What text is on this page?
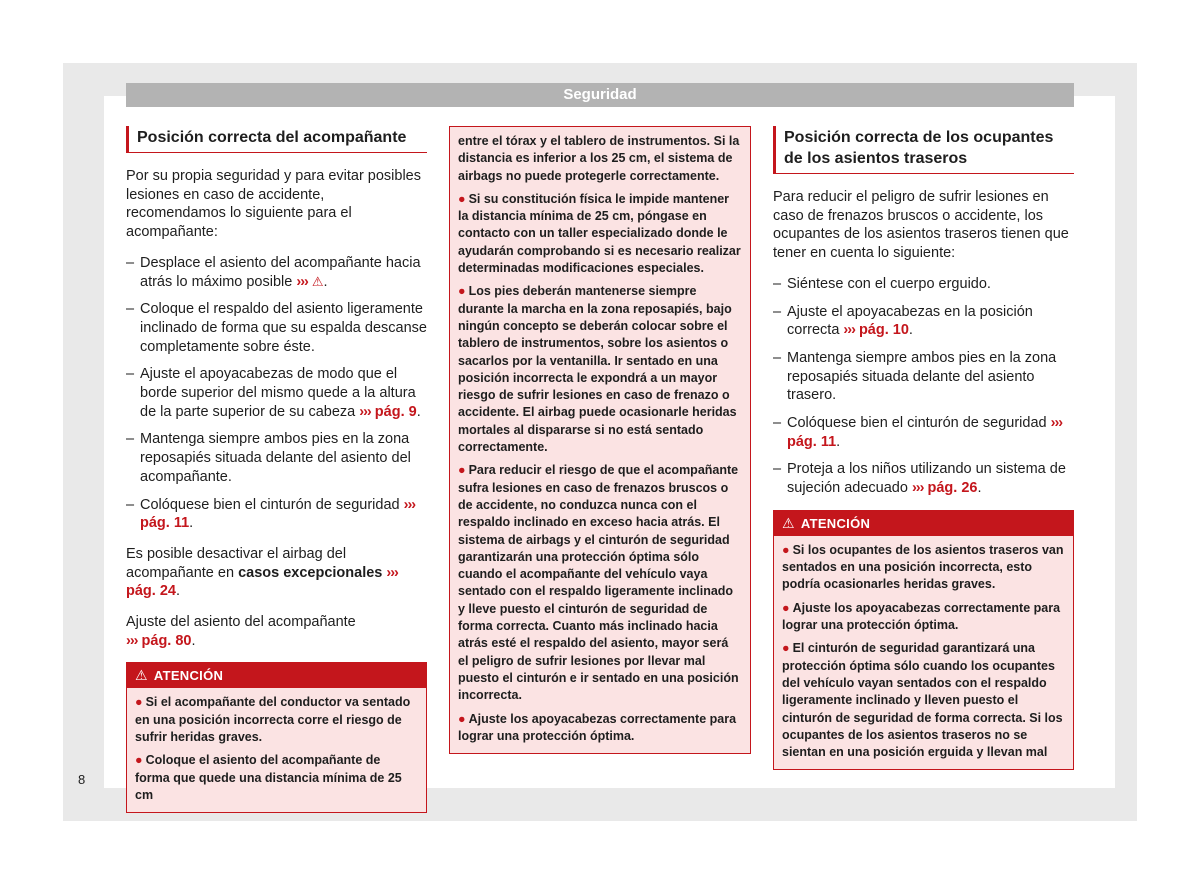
Seguridad
Posición correcta del acompañante

Por su propia seguridad y para evitar posibles lesiones en caso de accidente, recomendamos lo siguiente para el acompañante:

– Desplace el asiento del acompañante hacia atrás lo máximo posible ››› ⚠.
– Coloque el respaldo del asiento ligeramente inclinado de forma que su espalda descanse completamente sobre éste.
– Ajuste el apoyacabezas de modo que el borde superior del mismo quede a la altura de la parte superior de su cabeza ››› pág. 9.
– Mantenga siempre ambos pies en la zona reposapiés situada delante del asiento del acompañante.
– Colóquese bien el cinturón de seguridad ››› pág. 11.

Es posible desactivar el airbag del acompañante en casos excepcionales ››› pág. 24.

Ajuste del asiento del acompañante
››› pág. 80.

⚠ ATENCIÓN
● Si el acompañante del conductor va sentado en una posición incorrecta corre el riesgo de sufrir heridas graves.
● Coloque el asiento del acompañante de forma que quede una distancia mínima de 25 cm
entre el tórax y el tablero de instrumentos. Si la distancia es inferior a los 25 cm, el sistema de airbags no puede protegerle correctamente.
● Si su constitución física le impide mantener la distancia mínima de 25 cm, póngase en contacto con un taller especializado donde le ayudarán comprobando si es necesario realizar determinadas modificaciones especiales.
● Los pies deberán mantenerse siempre durante la marcha en la zona reposapiés, bajo ningún concepto se deberán colocar sobre el tablero de instrumentos, sobre los asientos o sacarlos por la ventanilla. Ir sentado en una posición incorrecta le expondrá a un mayor riesgo de sufrir lesiones en caso de frenazo o accidente. El airbag puede ocasionarle heridas mortales al dispararse si no está sentado correctamente.
● Para reducir el riesgo de que el acompañante sufra lesiones en caso de frenazos bruscos o de accidente, no conduzca nunca con el respaldo inclinado en exceso hacia atrás. El sistema de airbags y el cinturón de seguridad garantizarán una protección óptima sólo cuando el acompañante del vehículo vaya sentado con el respaldo ligeramente inclinado y lleve puesto el cinturón de seguridad de forma correcta. Cuanto más inclinado hacia atrás esté el respaldo del asiento, mayor será el peligro de sufrir lesiones por llevar mal puesto el cinturón e ir sentado en una posición incorrecta.
● Ajuste los apoyacabezas correctamente para lograr una protección óptima.
Posición correcta de los ocupantes de los asientos traseros

Para reducir el peligro de sufrir lesiones en caso de frenazos bruscos o accidente, los ocupantes de los asientos traseros tienen que tener en cuenta lo siguiente:

– Siéntese con el cuerpo erguido.
– Ajuste el apoyacabezas en la posición correcta ››› pág. 10.
– Mantenga siempre ambos pies en la zona reposapiés situada delante del asiento trasero.
– Colóquese bien el cinturón de seguridad ››› pág. 11.
– Proteja a los niños utilizando un sistema de sujeción adecuado ››› pág. 26.
⚠ ATENCIÓN
● Si los ocupantes de los asientos traseros van sentados en una posición incorrecta, esto podría ocasionarles heridas graves.
● Ajuste los apoyacabezas correctamente para lograr una protección óptima.
● El cinturón de seguridad garantizará una protección óptima sólo cuando los ocupantes del vehículo vayan sentados con el respaldo ligeramente inclinado y lleven puesto el cinturón de seguridad de forma correcta. Si los ocupantes de los asientos traseros no se sientan en una posición erguida y llevan mal
8
